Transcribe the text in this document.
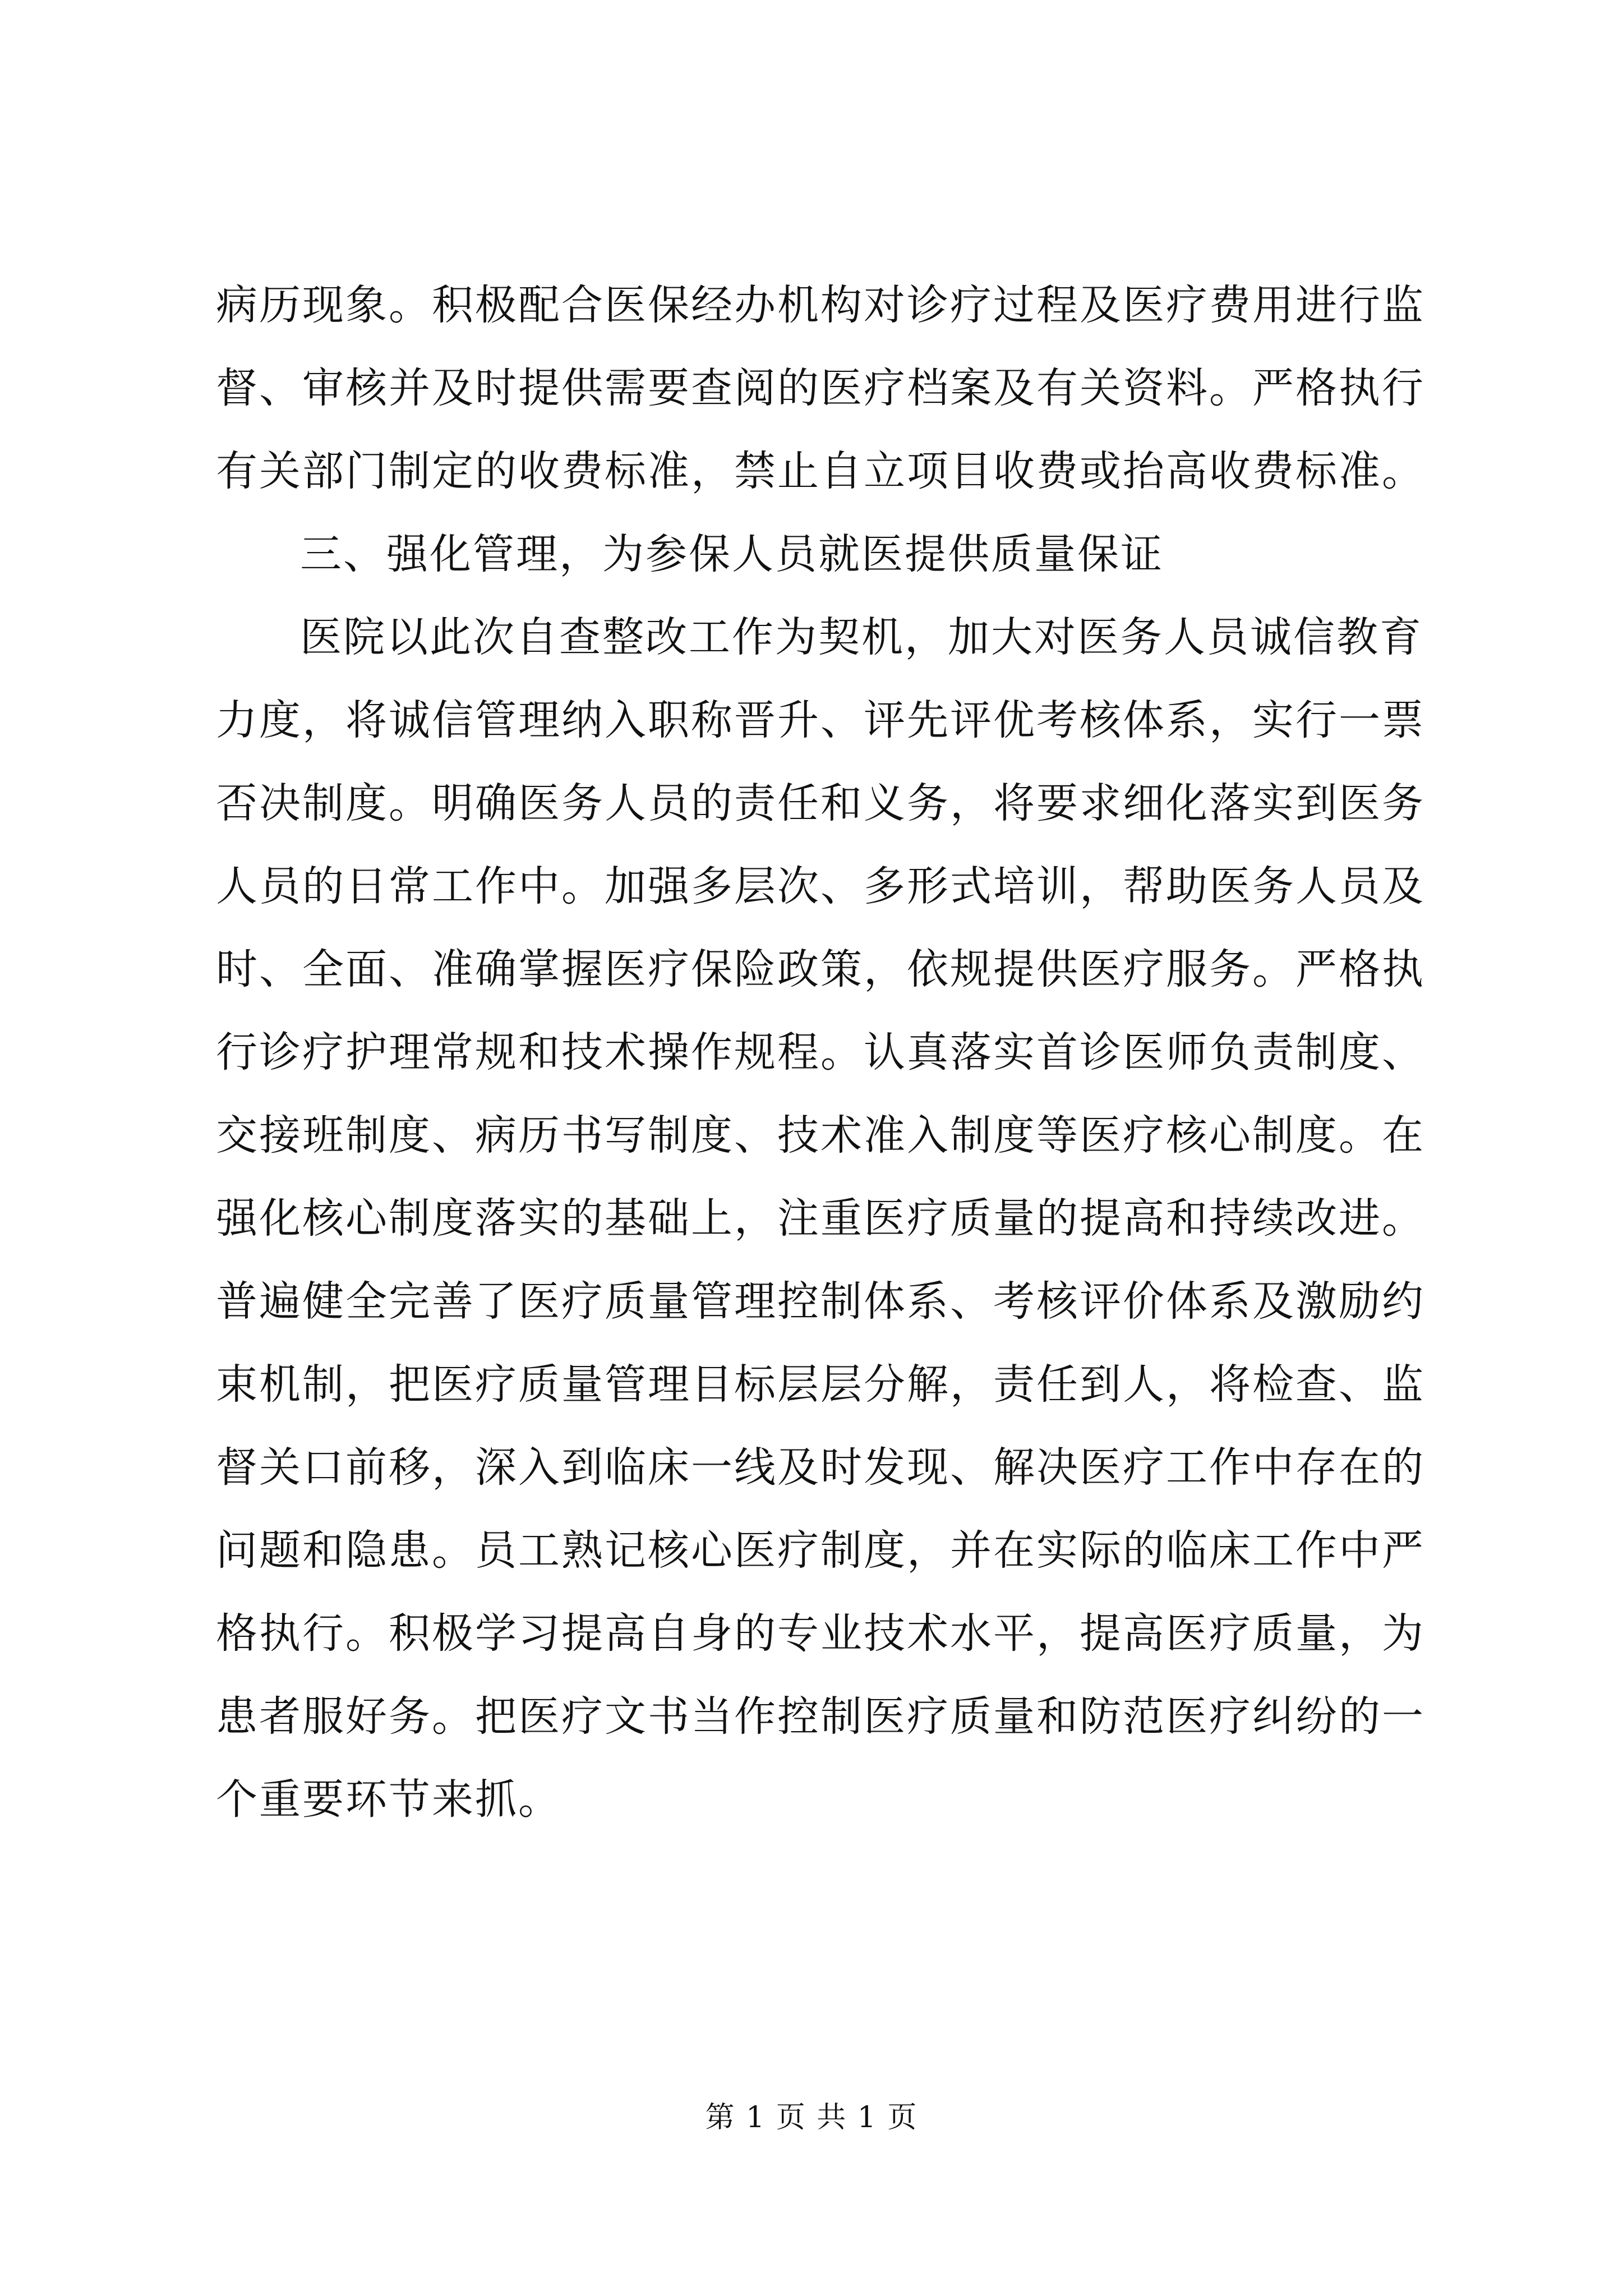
病历现象。积极配合医保经办机构对诊疗过程及医疗费用进行监
督、审核并及时提供需要查阅的医疗档案及有关资料。严格执行
有关部门制定的收费标准，禁止自立项目收费或抬高收费标准。
三、强化管理，为参保人员就医提供质量保证
医院以此次自查整改工作为契机，加大对医务人员诚信教育
力度，将诚信管理纳入职称晋升、评先评优考核体系，实行一票
否决制度。明确医务人员的责任和义务，将要求细化落实到医务
人员的日常工作中。加强多层次、多形式培训，帮助医务人员及
时、全面、准确掌握医疗保险政策，依规提供医疗服务。严格执
行诊疗护理常规和技术操作规程。认真落实首诊医师负责制度、
交接班制度、病历书写制度、技术准入制度等医疗核心制度。在
强化核心制度落实的基础上，注重医疗质量的提高和持续改进。
普遍健全完善了医疗质量管理控制体系、考核评价体系及激励约
束机制，把医疗质量管理目标层层分解，责任到人，将检查、监
督关口前移，深入到临床一线及时发现、解决医疗工作中存在的
问题和隐患。员工熟记核心医疗制度，并在实际的临床工作中严
格执行。积极学习提高自身的专业技术水平，提高医疗质量，为
患者服好务。把医疗文书当作控制医疗质量和防范医疗纠纷的一
个重要环节来抓。
第 1 页 共 1 页
